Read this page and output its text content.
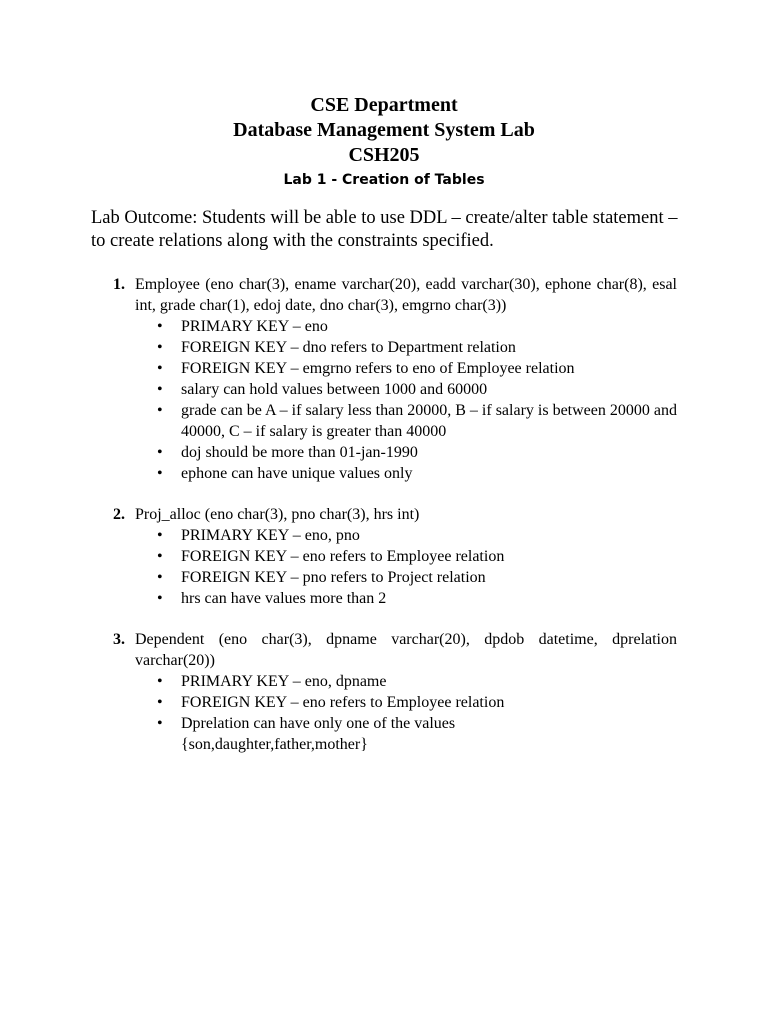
CSE Department
Database Management System Lab
CSH205
Lab 1 - Creation of Tables
Lab Outcome: Students will be able to use DDL – create/alter table statement – to create relations along with the constraints specified.
1. Employee (eno char(3), ename varchar(20), eadd varchar(30), ephone char(8), esal int, grade char(1), edoj date, dno char(3), emgrno char(3))
• PRIMARY KEY – eno
• FOREIGN KEY – dno refers to Department relation
• FOREIGN KEY – emgrno refers to eno of Employee relation
• salary can hold values between 1000 and 60000
• grade can be A – if salary less than 20000, B – if salary is between 20000 and 40000, C – if salary is greater than 40000
• doj should be more than 01-jan-1990
• ephone can have unique values only
2. Proj_alloc (eno char(3), pno char(3), hrs int)
• PRIMARY KEY – eno, pno
• FOREIGN KEY – eno refers to Employee relation
• FOREIGN KEY – pno refers to Project relation
• hrs can have values more than 2
3. Dependent (eno char(3), dpname varchar(20), dpdob datetime, dprelation varchar(20))
• PRIMARY KEY – eno, dpname
• FOREIGN KEY – eno refers to Employee relation
• Dprelation can have only one of the values {son,daughter,father,mother}
